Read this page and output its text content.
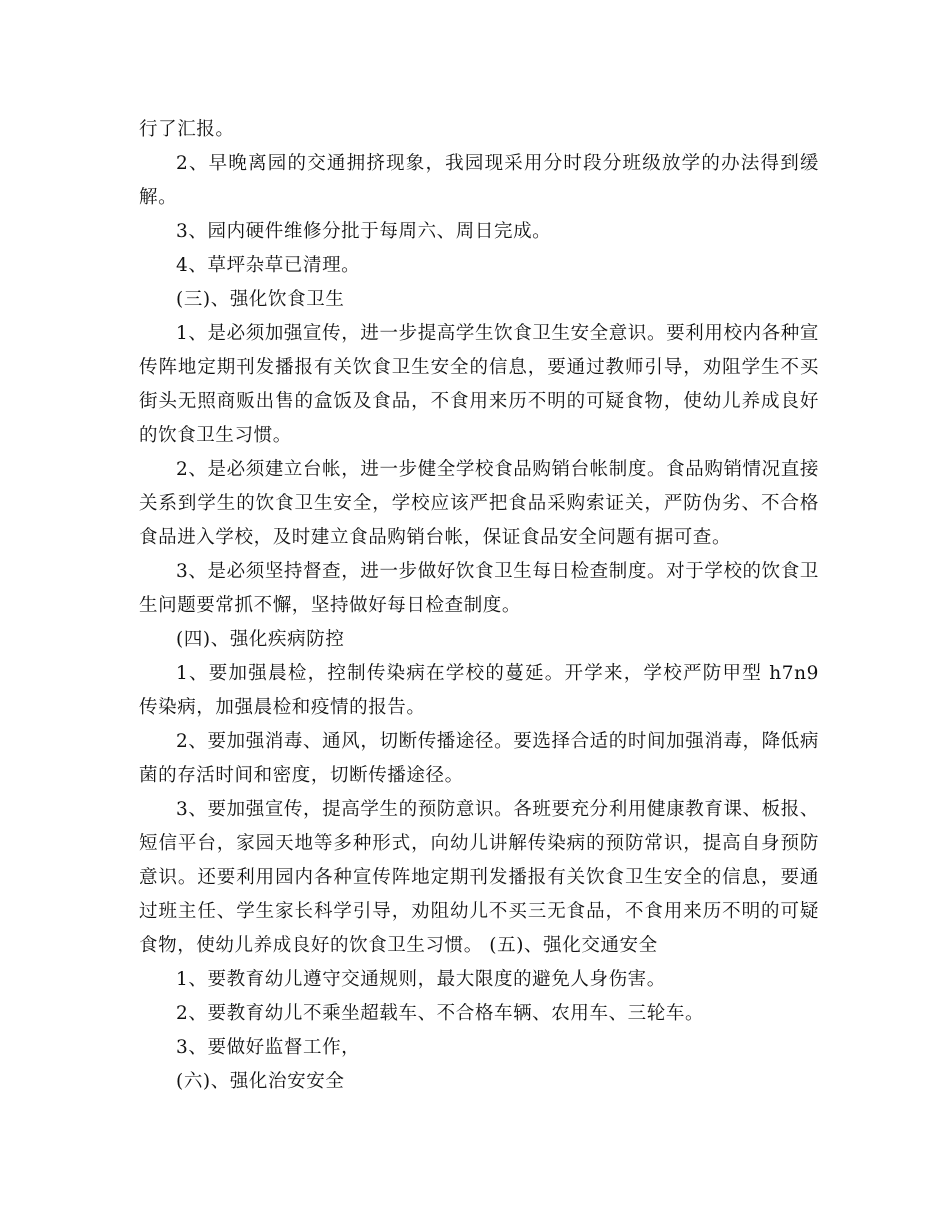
行了汇报。

2、早晚离园的交通拥挤现象，我园现采用分时段分班级放学的办法得到缓解。

3、园内硬件维修分批于每周六、周日完成。

4、草坪杂草已清理。

(三)、强化饮食卫生

1、是必须加强宣传，进一步提高学生饮食卫生安全意识。要利用校内各种宣传阵地定期刊发播报有关饮食卫生安全的信息，要通过教师引导，劝阻学生不买街头无照商贩出售的盒饭及食品，不食用来历不明的可疑食物，使幼儿养成良好的饮食卫生习惯。

2、是必须建立台帐，进一步健全学校食品购销台帐制度。食品购销情况直接关系到学生的饮食卫生安全，学校应该严把食品采购索证关，严防伪劣、不合格食品进入学校，及时建立食品购销台帐，保证食品安全问题有据可查。

3、是必须坚持督查，进一步做好饮食卫生每日检查制度。对于学校的饮食卫生问题要常抓不懈，坚持做好每日检查制度。

(四)、强化疾病防控

1、要加强晨检，控制传染病在学校的蔓延。开学来，学校严防甲型 h7n9 传染病，加强晨检和疫情的报告。

2、要加强消毒、通风，切断传播途径。要选择合适的时间加强消毒，降低病菌的存活时间和密度，切断传播途径。

3、要加强宣传，提高学生的预防意识。各班要充分利用健康教育课、板报、短信平台，家园天地等多种形式，向幼儿讲解传染病的预防常识，提高自身预防意识。还要利用园内各种宣传阵地定期刊发播报有关饮食卫生安全的信息，要通过班主任、学生家长科学引导，劝阻幼儿不买三无食品，不食用来历不明的可疑食物，使幼儿养成良好的饮食卫生习惯。 (五)、强化交通安全

1、要教育幼儿遵守交通规则，最大限度的避免人身伤害。

2、要教育幼儿不乘坐超载车、不合格车辆、农用车、三轮车。

3、要做好监督工作，

(六)、强化治安安全
